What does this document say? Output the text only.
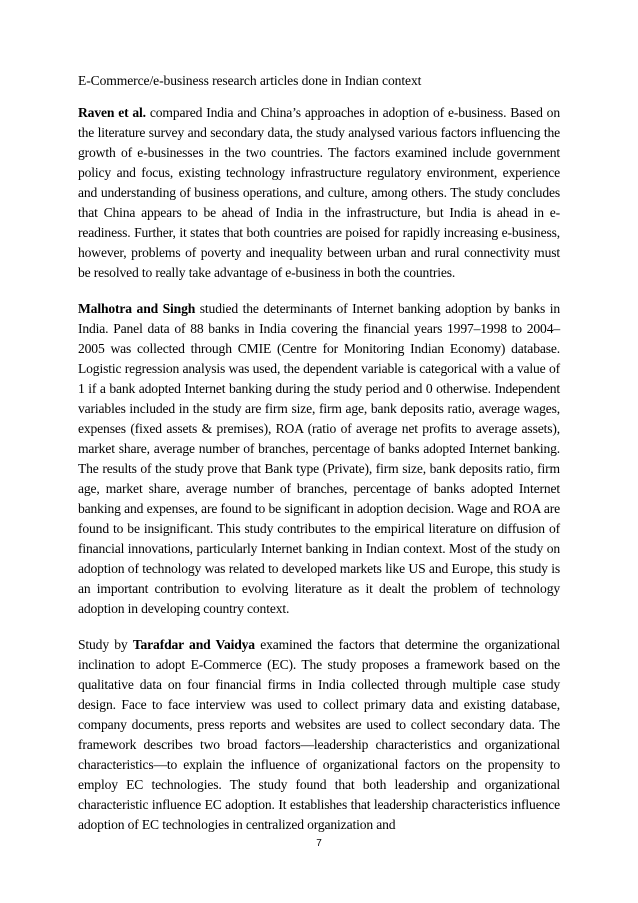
E-Commerce/e-business research articles done in Indian context

Raven et al. compared India and China’s approaches in adoption of e-business. Based on the literature survey and secondary data, the study analysed various factors influencing the growth of e-businesses in the two countries. The factors examined include government policy and focus, existing technology infrastructure regulatory environment, experience and understanding of business operations, and culture, among others. The study concludes that China appears to be ahead of India in the infrastructure, but India is ahead in e-readiness. Further, it states that both countries are poised for rapidly increasing e-business, however, problems of poverty and inequality between urban and rural connectivity must be resolved to really take advantage of e-business in both the countries.

Malhotra and Singh studied the determinants of Internet banking adoption by banks in India. Panel data of 88 banks in India covering the financial years 1997–1998 to 2004–2005 was collected through CMIE (Centre for Monitoring Indian Economy) database. Logistic regression analysis was used, the dependent variable is categorical with a value of 1 if a bank adopted Internet banking during the study period and 0 otherwise. Independent variables included in the study are firm size, firm age, bank deposits ratio, average wages, expenses (fixed assets & premises), ROA (ratio of average net profits to average assets), market share, average number of branches, percentage of banks adopted Internet banking. The results of the study prove that Bank type (Private), firm size, bank deposits ratio, firm age, market share, average number of branches, percentage of banks adopted Internet banking and expenses, are found to be significant in adoption decision. Wage and ROA are found to be insignificant. This study contributes to the empirical literature on diffusion of financial innovations, particularly Internet banking in Indian context. Most of the study on adoption of technology was related to developed markets like US and Europe, this study is an important contribution to evolving literature as it dealt the problem of technology adoption in developing country context.

Study by Tarafdar and Vaidya examined the factors that determine the organizational inclination to adopt E-Commerce (EC). The study proposes a framework based on the qualitative data on four financial firms in India collected through multiple case study design. Face to face interview was used to collect primary data and existing database, company documents, press reports and websites are used to collect secondary data. The framework describes two broad factors—leadership characteristics and organizational characteristics—to explain the influence of organizational factors on the propensity to employ EC technologies. The study found that both leadership and organizational characteristic influence EC adoption. It establishes that leadership characteristics influence adoption of EC technologies in centralized organization and

7
